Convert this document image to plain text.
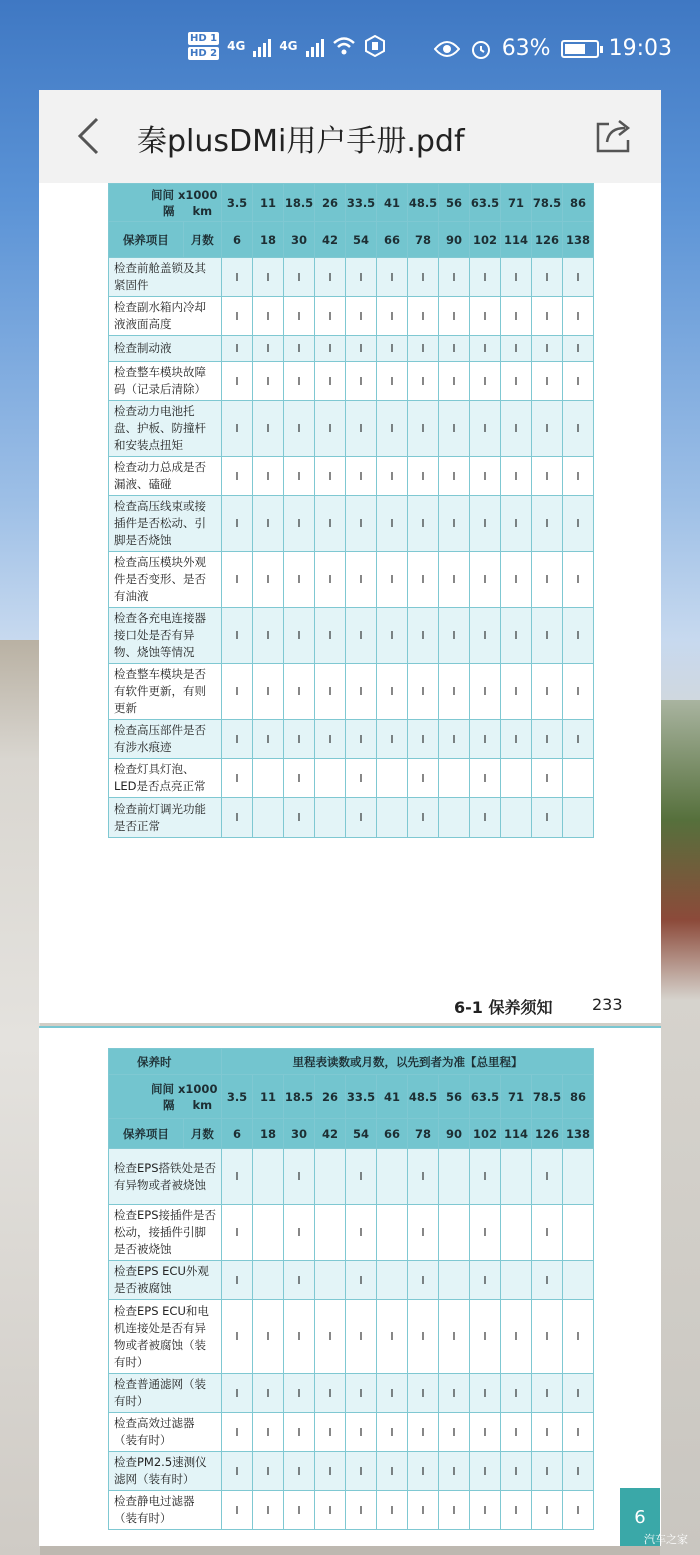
HD 1
HD 2
4G	4G	63%	19:03
秦plusDMi用户手册.pdf
间间 x1000
隔 km		3.5	11	18.5	26	33.5	41	48.5	56	63.5	71	78.5	86
保养项目	月数	6	18	30	42	54	66	78	90	102	114	126	138
检查前舱盖锁及其紧固件		I	I	I	I	I	I	I	I	I	I	I	I
检查副水箱内冷却液液面高度		I	I	I	I	I	I	I	I	I	I	I	I
检查制动液		I	I	I	I	I	I	I	I	I	I	I	I
检查整车模块故障码（记录后清除）		I	I	I	I	I	I	I	I	I	I	I	I
检查动力电池托盘、护板、防撞杆和安装点扭矩		I	I	I	I	I	I	I	I	I	I	I	I
检查动力总成是否漏液、磕碰		I	I	I	I	I	I	I	I	I	I	I	I
检查高压线束或接插件是否松动、引脚是否烧蚀		I	I	I	I	I	I	I	I	I	I	I	I
检查高压模块外观件是否变形、是否有油液		I	I	I	I	I	I	I	I	I	I	I	I
检查各充电连接器接口处是否有异物、烧蚀等情况		I	I	I	I	I	I	I	I	I	I	I	I
检查整车模块是否有软件更新，有则更新		I	I	I	I	I	I	I	I	I	I	I	I
检查高压部件是否有涉水痕迹		I	I	I	I	I	I	I	I	I	I	I	I
检查灯具灯泡、LED是否点亮正常		I		I		I		I		I		I	
检查前灯调光功能是否正常		I		I		I		I		I		I	
6-1 保养须知 233
保养时		里程表读数或月数，以先到者为准【总里程】											
间间 x1000
隔 km		3.5	11	18.5	26	33.5	41	48.5	56	63.5	71	78.5	86
保养项目	月数	6	18	30	42	54	66	78	90	102	114	126	138
检查EPS搭铁处是否有异物或者被烧蚀		I		I		I		I		I		I	
检查EPS接插件是否松动，接插件引脚是否被烧蚀		I		I		I		I		I		I	
检查EPS ECU外观是否被腐蚀		I		I		I		I		I		I	
检查EPS ECU和电机连接处是否有异物或者被腐蚀（装有时）		I	I	I	I	I	I	I	I	I	I	I	I
检查普通滤网（装有时）		I	I	I	I	I	I	I	I	I	I	I	I
检查高效过滤器（装有时）		I	I	I	I	I	I	I	I	I	I	I	I
检查PM2.5速测仪滤网（装有时）		I	I	I	I	I	I	I	I	I	I	I	I
检查静电过滤器（装有时）		I	I	I	I	I	I	I	I	I	I	I	I	6
汽车之家
